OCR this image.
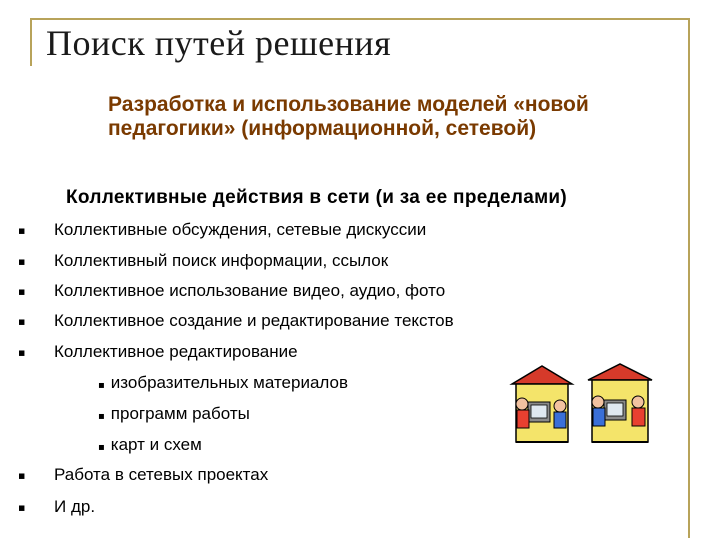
Поиск путей решения
Разработка и использование моделей «новой педагогики» (информационной, сетевой)
Коллективные действия в сети (и за ее пределами)
▪	Коллективные обсуждения, сетевые дискуссии
▪	Коллективный поиск информации, ссылок
▪	Коллективное использование видео, аудио, фото
▪	Коллективное создание и редактирование текстов
▪	Коллективное редактирование
▪ изобразительных материалов
▪ программ работы
▪ карт и схем
▪	Работа в сетевых проектах
▪	И др.
